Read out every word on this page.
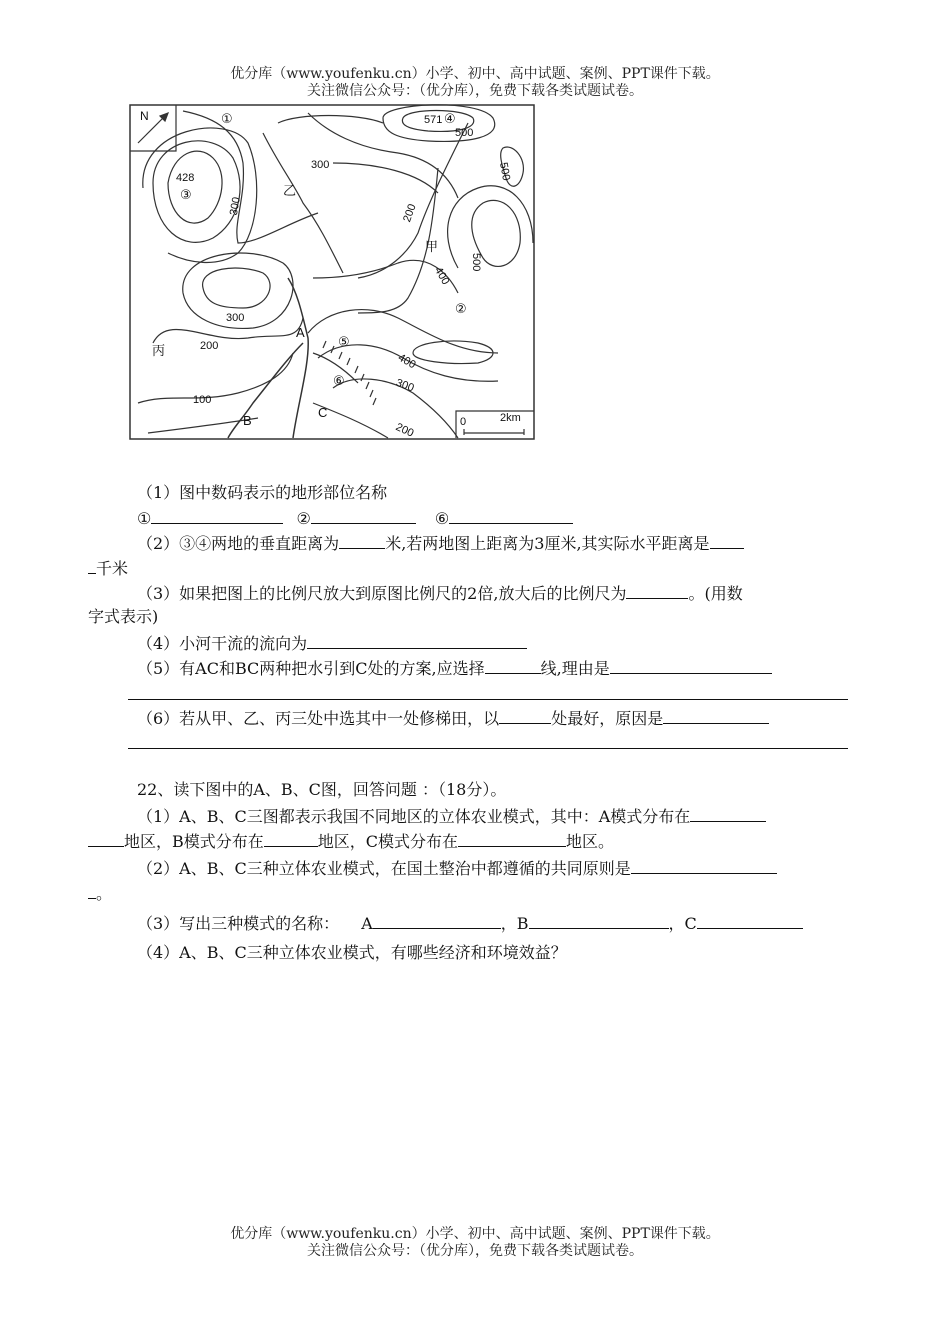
优分库（www.youfenku.cn）小学、初中、高中试题、案例、PPT课件下载。
关注微信公众号：（优分库），免费下载各类试题试卷。
N
300
300
300
200
100
400
500
500
400
300
200
200
500
428
571
①
②
③
④
⑤
⑥
甲
乙
丙
A
B
C
0	2km
（1）图中数码表示的地形部位名称
①	②	⑥
（2）③④两地的垂直距离为	米,若两地图上距离为3厘米,其实际水平距离是
千米
（3）如果把图上的比例尺放大到原图比例尺的2倍,放大后的比例尺为	。(用数
字式表示)
（4）小河干流的流向为
（5）有AC和BC两种把水引到C处的方案,应选择	线,理由是
（6）若从甲、乙、丙三处中选其中一处修梯田，以	处最好，原因是
22、读下图中的A、B、C图，回答问题 ：（18分）。
（1）A、B、C三图都表示我国不同地区的立体农业模式，其中：A模式分布在
地区，B模式分布在	地区，C模式分布在	地区。
（2）A、B、C三种立体农业模式，在国土整治中都遵循的共同原则是
。
（3）写出三种模式的名称： A	，B	，C
（4）A、B、C三种立体农业模式，有哪些经济和环境效益？
优分库（www.youfenku.cn）小学、初中、高中试题、案例、PPT课件下载。
关注微信公众号：（优分库），免费下载各类试题试卷。
